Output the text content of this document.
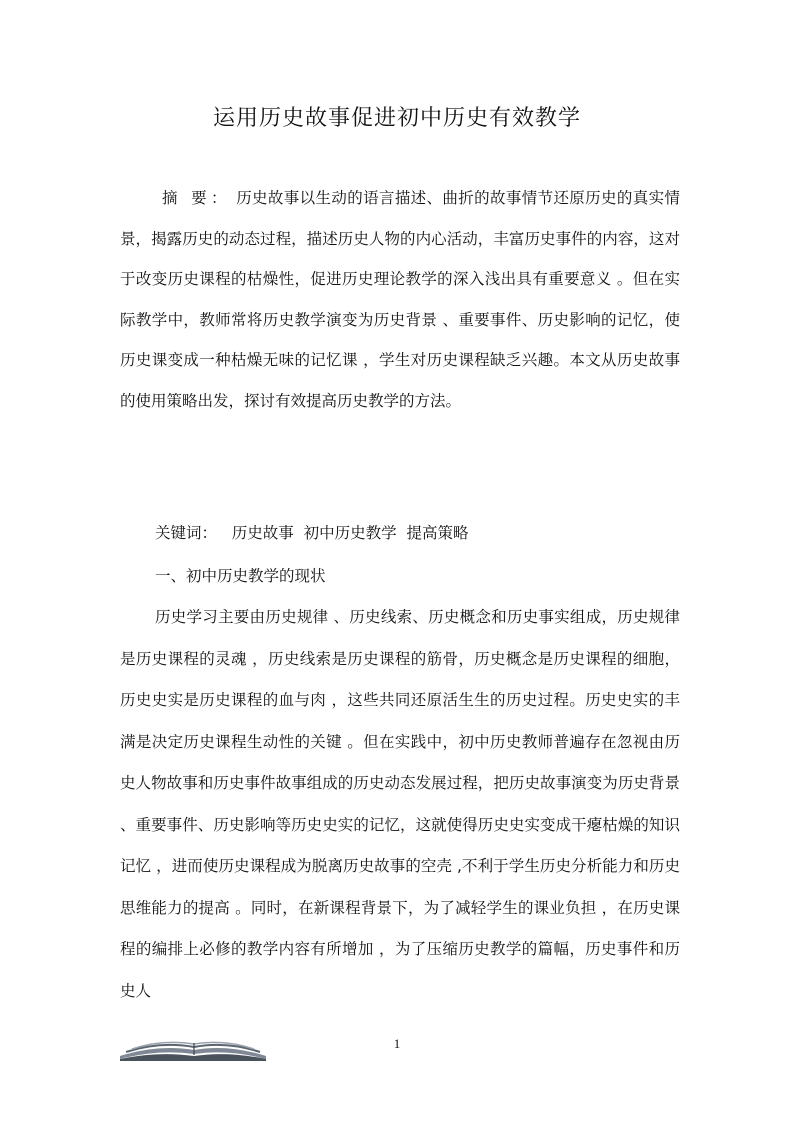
运用历史故事促进初中历史有效教学
摘 要： 历史故事以生动的语言描述、曲折的故事情节还原历史的真实情景，揭露历史的动态过程，描述历史人物的内心活动，丰富历史事件的内容，这对于改变历史课程的枯燥性，促进历史理论教学的深入浅出具有重要意义 。但在实际教学中，教师常将历史教学演变为历史背景 、重要事件、历史影响的记忆，使历史课变成一种枯燥无味的记忆课 ，学生对历史课程缺乏兴趣。本文从历史故事的使用策略出发，探讨有效提高历史教学的方法。
关键词： 历史故事  初中历史教学  提高策略
一、初中历史教学的现状
历史学习主要由历史规律 、历史线索、历史概念和历史事实组成，历史规律是历史课程的灵魂 ，历史线索是历史课程的筋骨，历史概念是历史课程的细胞，历史史实是历史课程的血与肉 ，这些共同还原活生生的历史过程。历史史实的丰满是决定历史课程生动性的关键 。但在实践中，初中历史教师普遍存在忽视由历史人物故事和历史事件故事组成的历史动态发展过程，把历史故事演变为历史背景 、重要事件、历史影响等历史史实的记忆，这就使得历史史实变成干瘪枯燥的知识记忆 ，进而使历史课程成为脱离历史故事的空壳 ,不利于学生历史分析能力和历史思维能力的提高 。同时，在新课程背景下，为了减轻学生的课业负担 ，在历史课程的编排上必修的教学内容有所增加 ，为了压缩历史教学的篇幅，历史事件和历史人
1
